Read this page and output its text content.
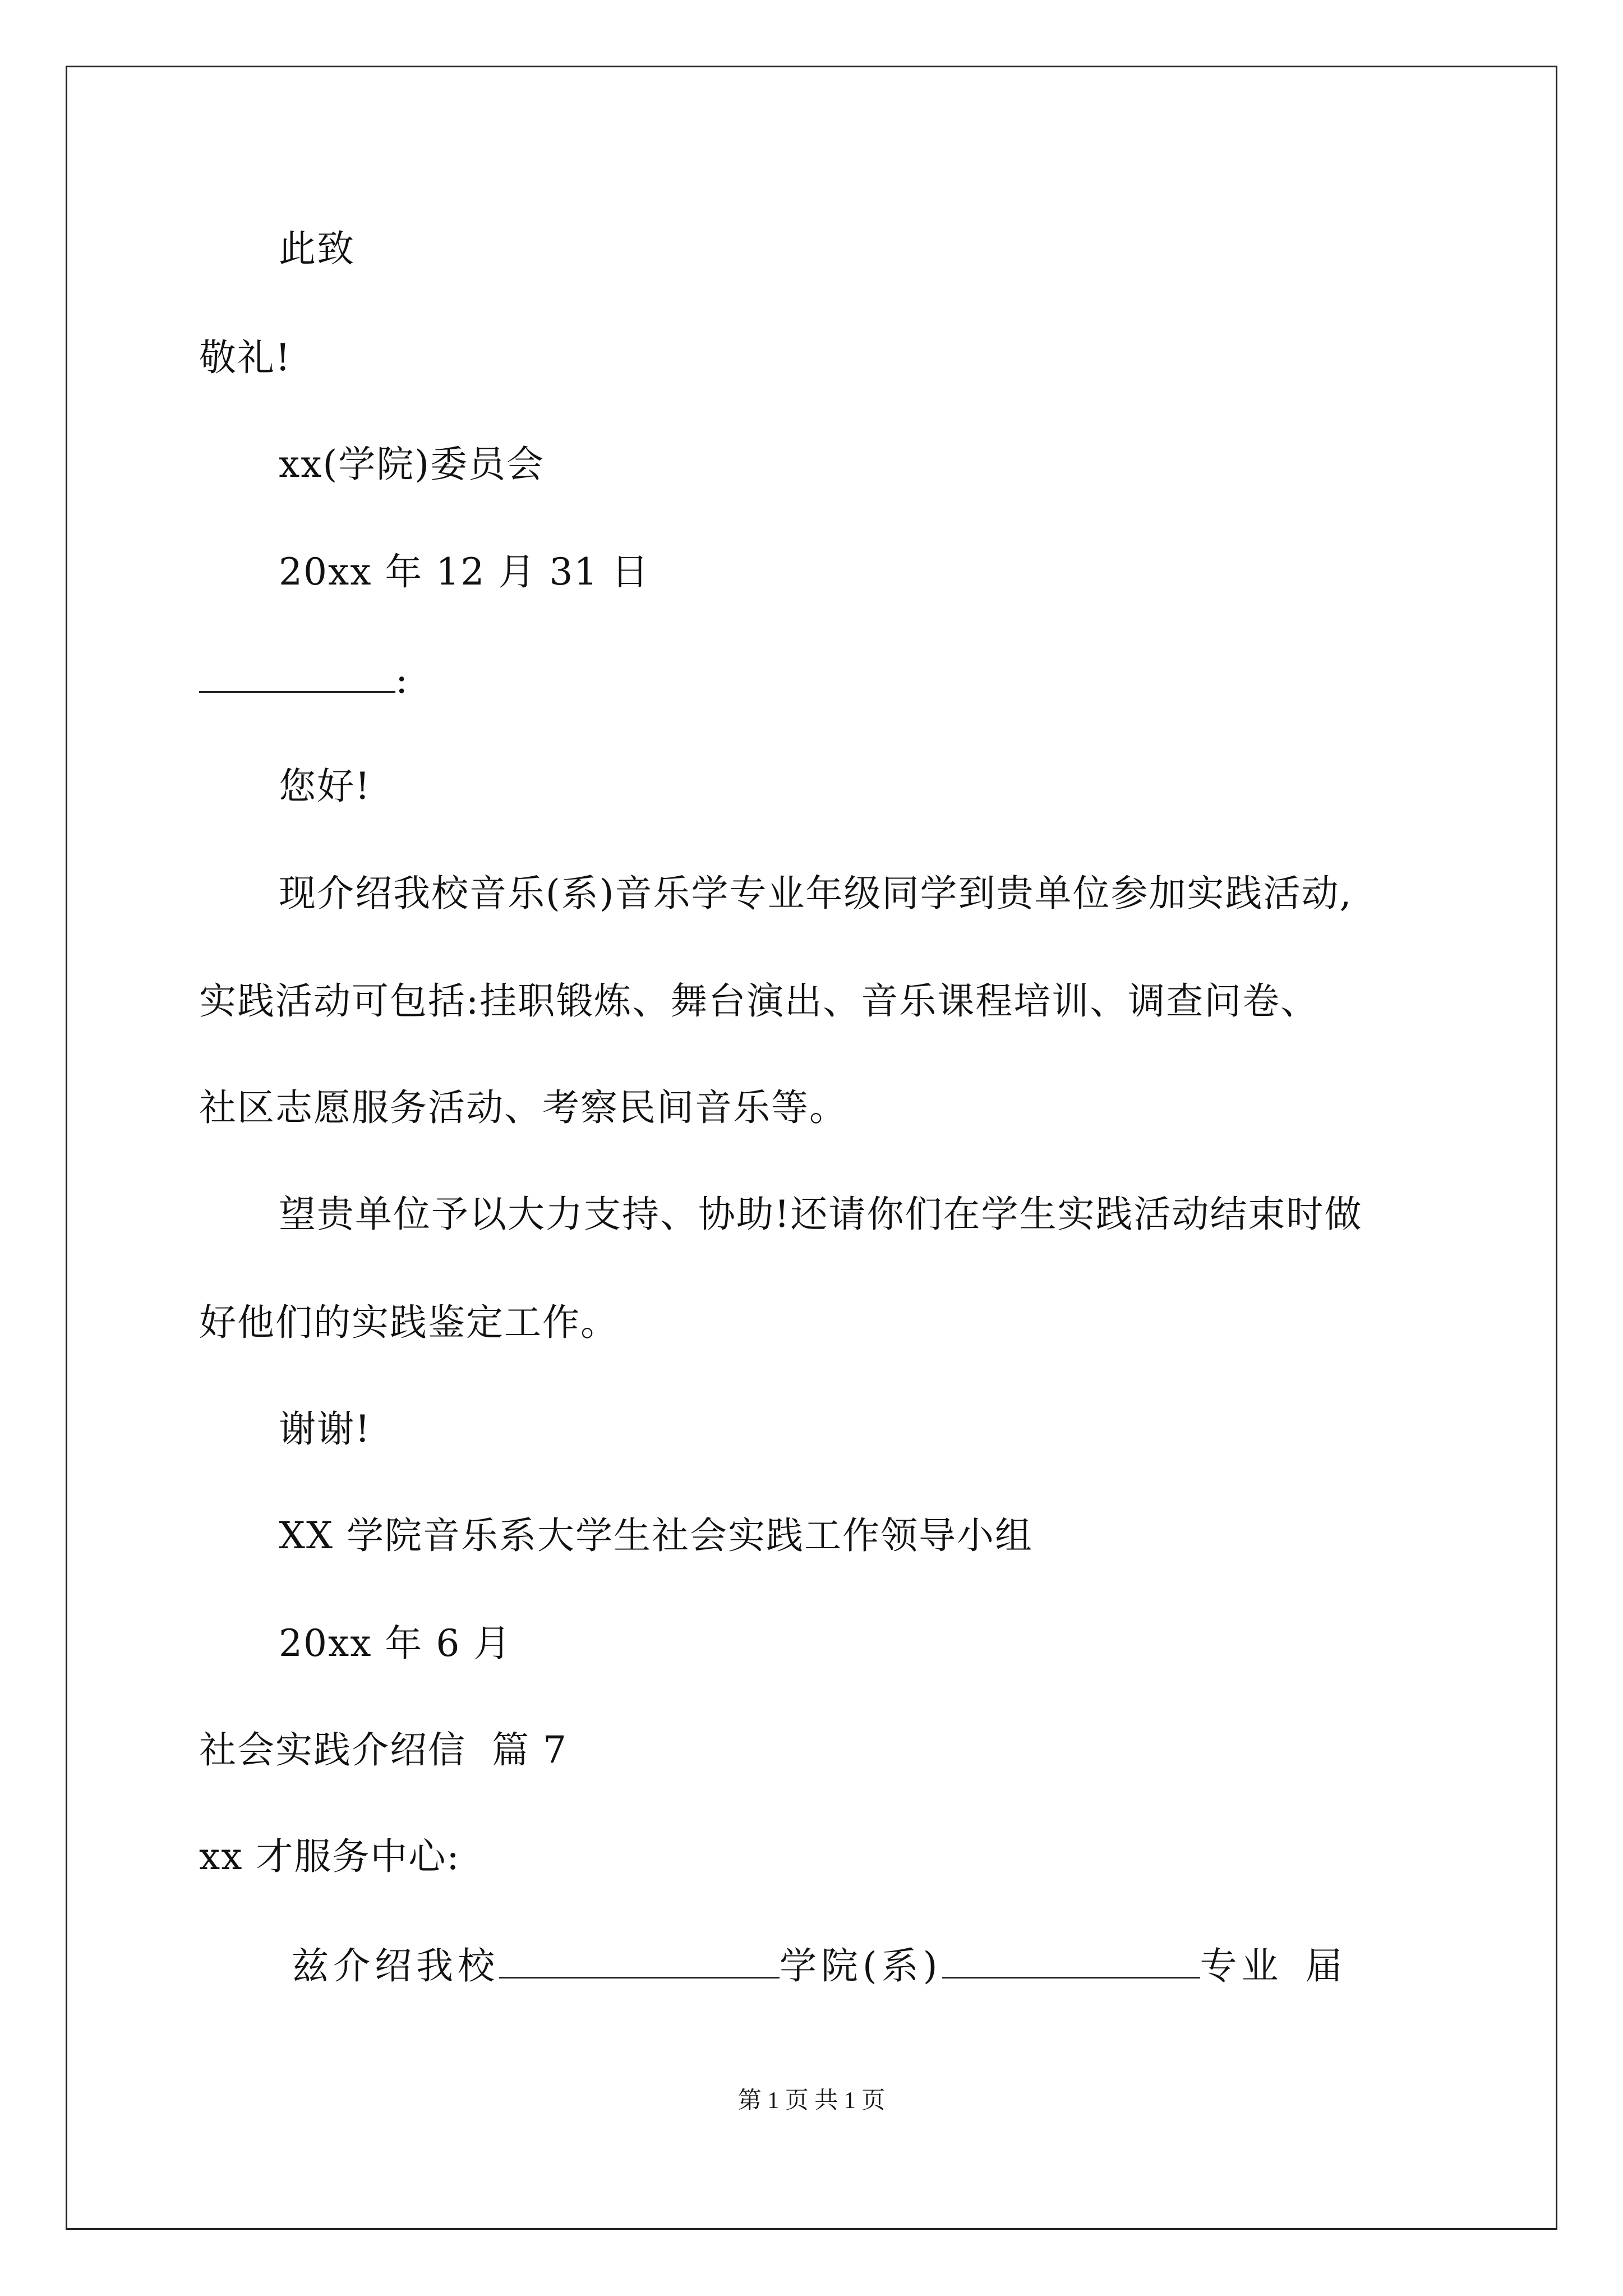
此致
敬礼!
xx(学院)委员会
20xx 年 12 月 31 日
:
您好!
现介绍我校音乐(系)音乐学专业年级同学到贵单位参加实践活动,
实践活动可包括:挂职锻炼、舞台演出、音乐课程培训、调查问卷、
社区志愿服务活动、考察民间音乐等。
望贵单位予以大力支持、协助!还请你们在学生实践活动结束时做
好他们的实践鉴定工作。
谢谢!
XX 学院音乐系大学生社会实践工作领导小组
20xx 年 6 月
社会实践介绍信  篇 7
xx 才服务中心:
兹介绍我校	学院(系)	专业 届
第 1 页 共 1 页
